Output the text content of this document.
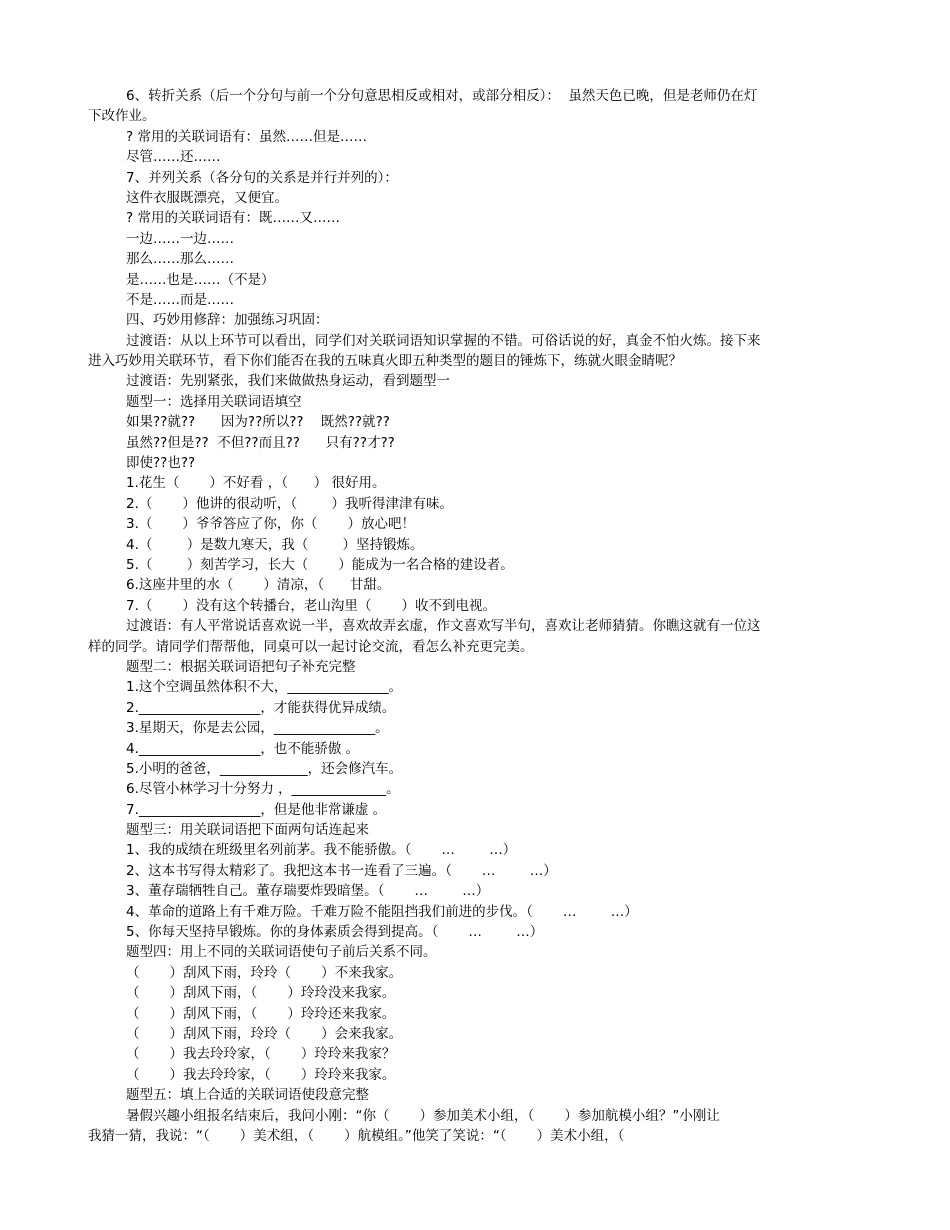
6、转折关系（后一个分句与前一个分句意思相反或相对，或部分相反）：  虽然天色已晚，但是老师仍在灯
下改作业。
? 常用的关联词语有：虽然……但是……
尽管……还……
7、并列关系（各分句的关系是并行并列的）：
这件衣服既漂亮，又便宜。
? 常用的关联词语有：既……又……
一边……一边……
那么……那么……
是……也是……（不是）
不是……而是……
四、巧妙用修辞：加强练习巩固：
过渡语：从以上环节可以看出，同学们对关联词语知识掌握的不错。可俗话说的好，真金不怕火炼。接下来
进入巧妙用关联环节，看下你们能否在我的五味真火即五种类型的题目的锤炼下，练就火眼金睛呢？
过渡语：先别紧张，我们来做做热身运动，看到题型一
题型一：选择用关联词语填空
如果??就??      因为??所以??    既然??就??
虽然??但是??  不但??而且??      只有??才??
即使??也??
1.花生（       ）不好看 ，（      ） 很好用。
2.（       ）他讲的很动听，（        ）我听得津津有味。
3.（       ）爷爷答应了你，你（       ）放心吧！
4.（        ）是数九寒天，我（        ）坚持锻炼。
5.（        ）刻苦学习，长大（       ）能成为一名合格的建设者。
6.这座井里的水（       ）清凉，（      甘甜。
7.（       ）没有这个转播台，老山沟里（       ）收不到电视。
过渡语：有人平常说话喜欢说一半，喜欢故弄玄虚，作文喜欢写半句，喜欢让老师猜猜。你瞧这就有一位这
样的同学。请同学们帮帮他，同桌可以一起讨论交流，看怎么补充更完美。
题型二：根据关联词语把句子补充完整
1.这个空调虽然体积不大，_______________。
2.__________________，才能获得优异成绩。
3.星期天，你是去公园，_______________。
4.__________________，也不能骄傲 。
5.小明的爸爸，_____________，还会修汽车。
6.尽管小林学习十分努力 ，______________。
7.__________________，但是他非常谦虚 。
题型三：用关联词语把下面两句话连起来
1、我的成绩在班级里名列前茅。我不能骄傲。（       …        …）
2、这本书写得太精彩了。我把这本书一连看了三遍。（       …        …）
3、董存瑞牺牲自己。董存瑞要炸毁暗堡。（       …        …）
4、革命的道路上有千难万险。千难万险不能阻挡我们前进的步伐。（       …        …）
5、你每天坚持早锻炼。你的身体素质会得到提高。（       …        …）
题型四：用上不同的关联词语使句子前后关系不同。
（       ）刮风下雨，玲玲（       ）不来我家。
（       ）刮风下雨，（       ）玲玲没来我家。
（       ）刮风下雨，（       ）玲玲还来我家。
（       ）刮风下雨，玲玲（       ）会来我家。
（       ）我去玲玲家，（       ）玲玲来我家？
（       ）我去玲玲家，（       ）玲玲来我家。
题型五：填上合适的关联词语使段意完整
暑假兴趣小组报名结束后，我问小刚：“你（       ）参加美术小组，（       ）参加航模小组？”小刚让
我猜一猜，我说：“（       ）美术组，（       ）航模组。”他笑了笑说：“（       ）美术小组，（
